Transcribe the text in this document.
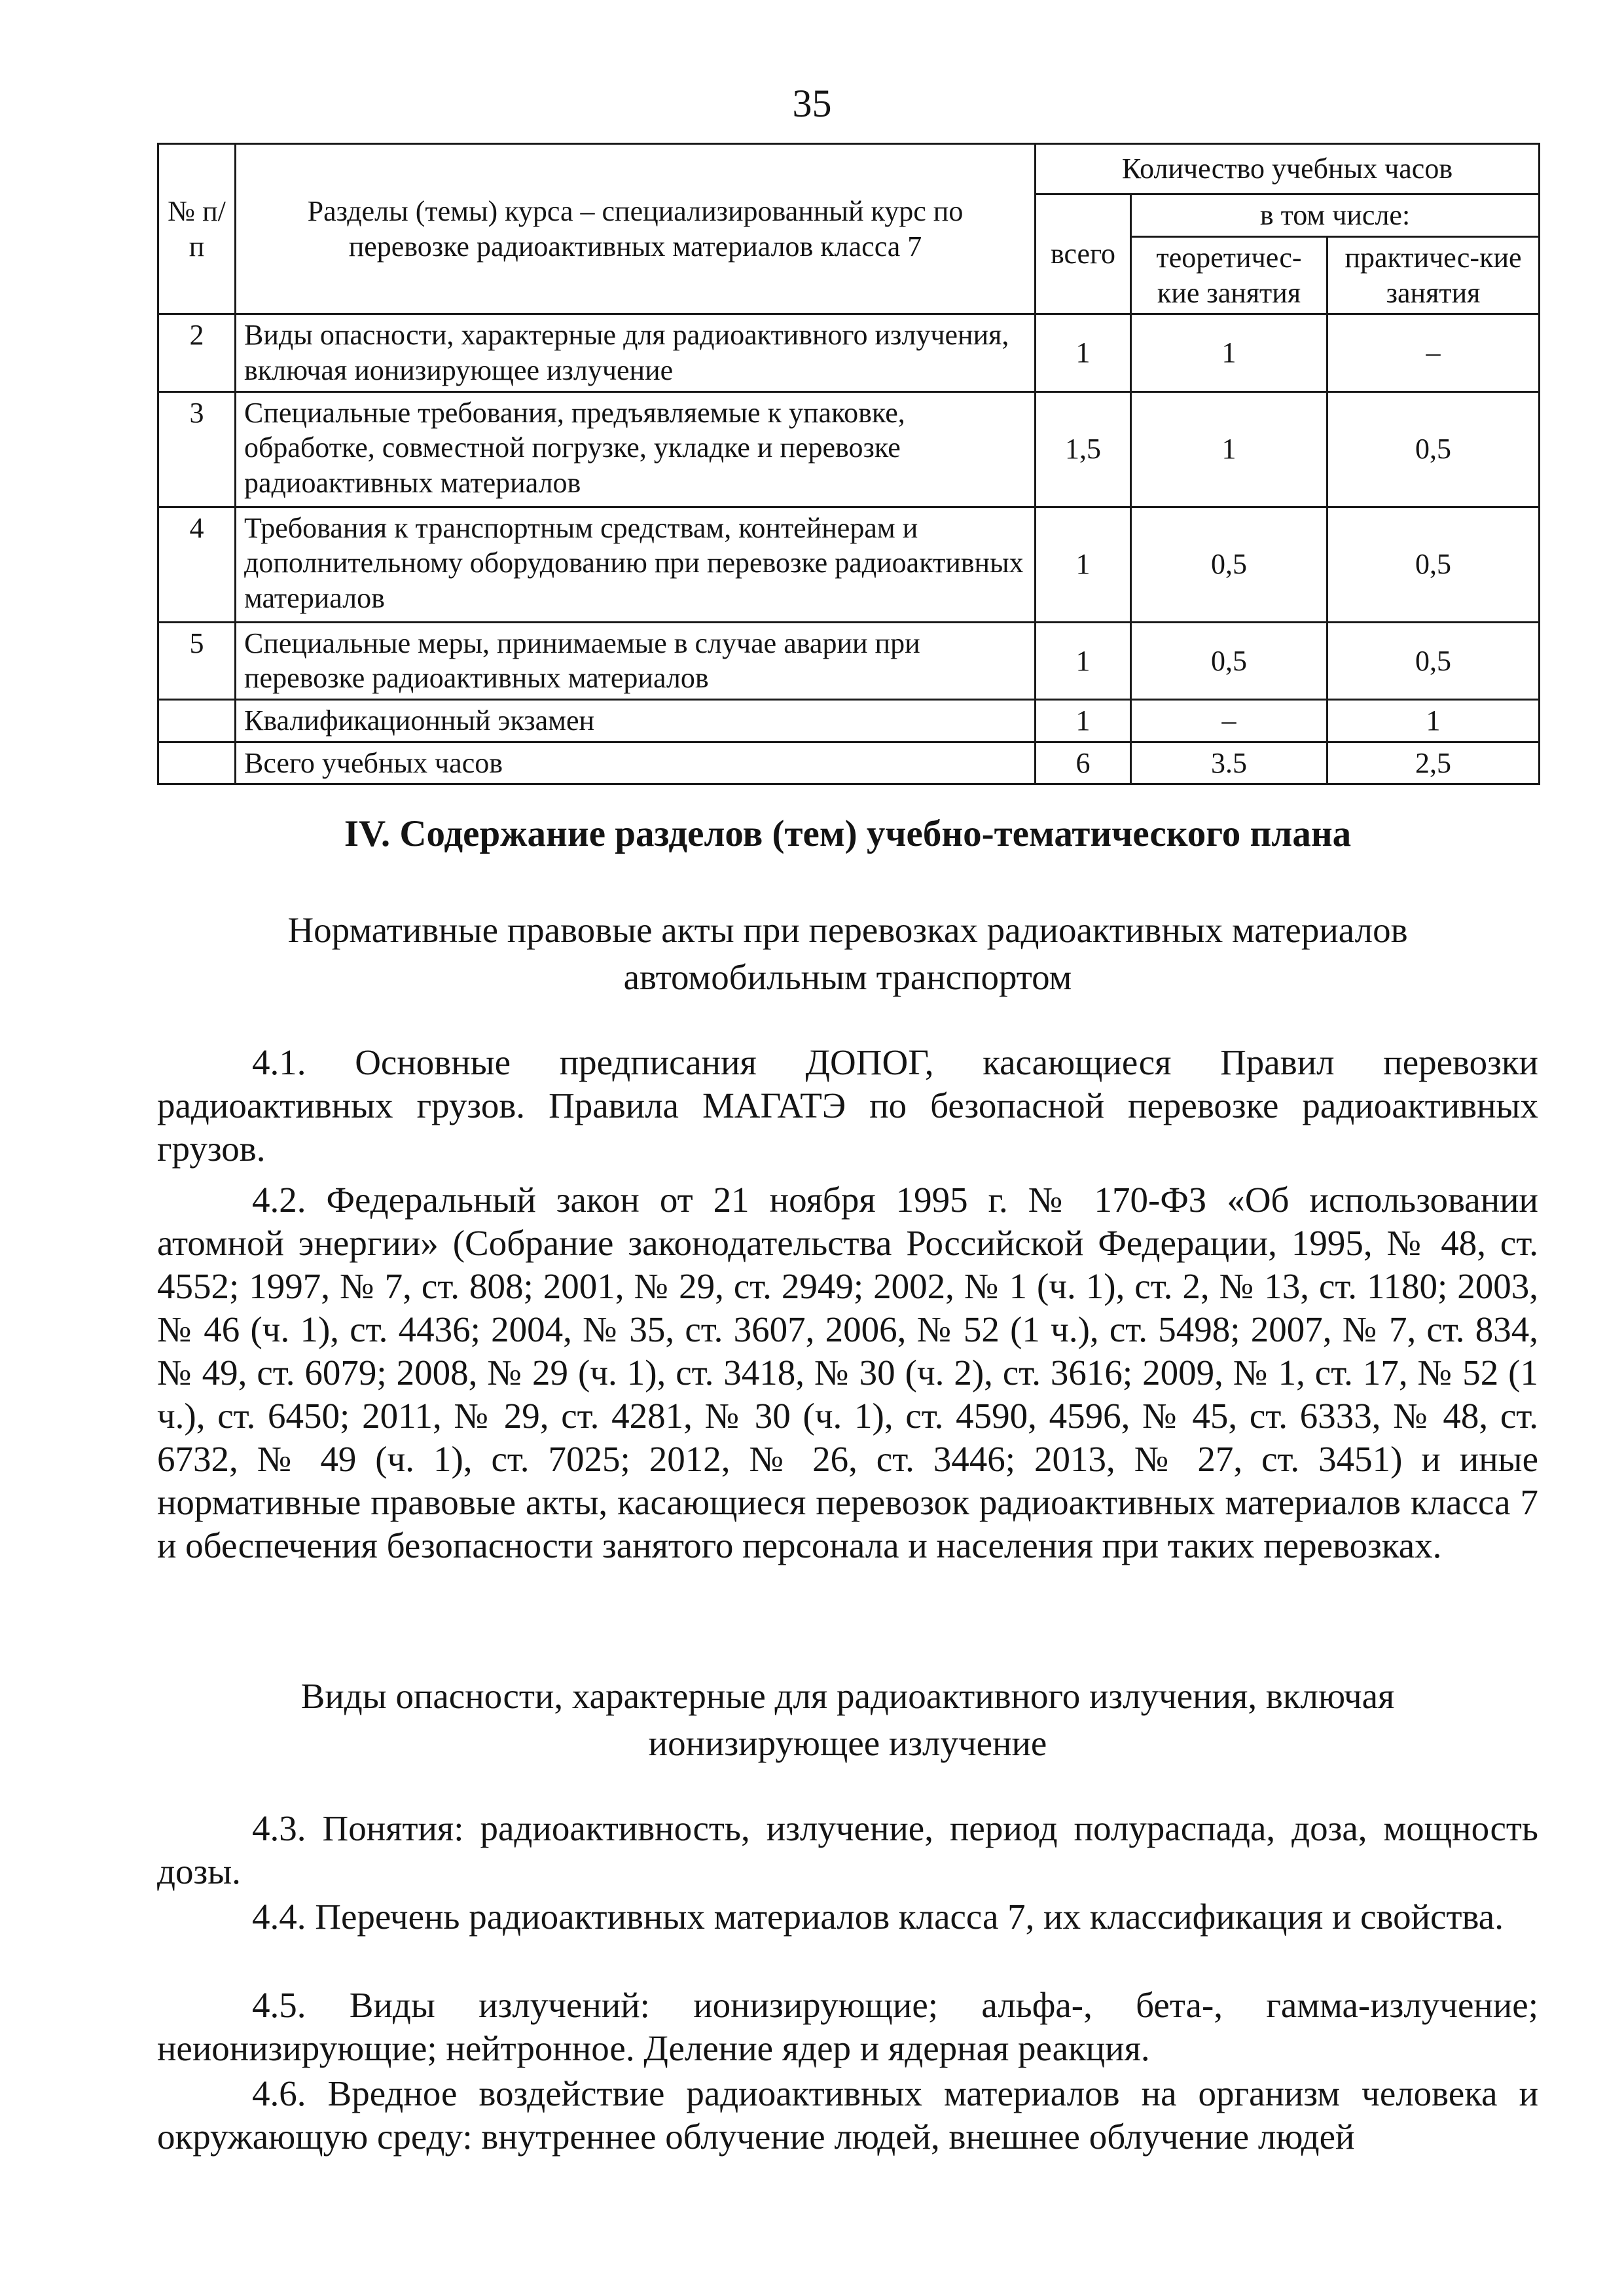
35
№ п/п	Разделы (темы) курса – специализированный курс по перевозке радиоактивных материалов класса 7	Количество учебных часов		
		всего	в том числе:	
			теоретичес-кие занятия	практичес-кие занятия
2	Виды опасности, характерные для радиоактивного излучения, включая ионизирующее излучение	1	1	–
3	Специальные требования, предъявляемые к упаковке, обработке, совместной погрузке, укладке и перевозке радиоактивных материалов	1,5	1	0,5
4	Требования к транспортным средствам, контейнерам и дополнительному оборудованию при перевозке радиоактивных материалов	1	0,5	0,5
5	Специальные меры, принимаемые в случае аварии при перевозке радиоактивных материалов	1	0,5	0,5
	Квалификационный экзамен	1	–	1
	Всего учебных часов	6	3.5	2,5
IV. Содержание разделов (тем) учебно-тематического плана
Нормативные правовые акты при перевозках радиоактивных материалов
автомобильным транспортом

4.1. Основные предписания ДОПОГ, касающиеся Правил перевозки радиоактивных грузов. Правила МАГАТЭ по безопасной перевозке радиоактивных грузов.

4.2. Федеральный закон от 21 ноября 1995 г. № 170-ФЗ «Об использовании атомной энергии» (Собрание законодательства Российской Федерации, 1995, № 48, ст. 4552; 1997, № 7, ст. 808; 2001, № 29, ст. 2949; 2002, № 1 (ч. 1), ст. 2, № 13, ст. 1180; 2003, № 46 (ч. 1), ст. 4436; 2004, № 35, ст. 3607, 2006, № 52 (1 ч.), ст. 5498; 2007, № 7, ст. 834, № 49, ст. 6079; 2008, № 29 (ч. 1), ст. 3418, № 30 (ч. 2), ст. 3616; 2009, № 1, ст. 17, № 52 (1 ч.), ст. 6450; 2011, № 29, ст. 4281, № 30 (ч. 1), ст. 4590, 4596, № 45, ст. 6333, № 48, ст. 6732, № 49 (ч. 1), ст. 7025; 2012, № 26, ст. 3446; 2013, № 27, ст. 3451) и иные нормативные правовые акты, касающиеся перевозок радиоактивных материалов класса 7 и обеспечения безопасности занятого персонала и населения при таких перевозках.

Виды опасности, характерные для радиоактивного излучения, включая
ионизирующее излучение

4.3. Понятия: радиоактивность, излучение, период полураспада, доза, мощность дозы.

4.4. Перечень радиоактивных материалов класса 7, их классификация и свойства.

4.5. Виды излучений: ионизирующие; альфа-, бета-, гамма-излучение; неионизирующие; нейтронное. Деление ядер и ядерная реакция.

4.6. Вредное воздействие радиоактивных материалов на организм человека и окружающую среду: внутреннее облучение людей, внешнее облучение людей
